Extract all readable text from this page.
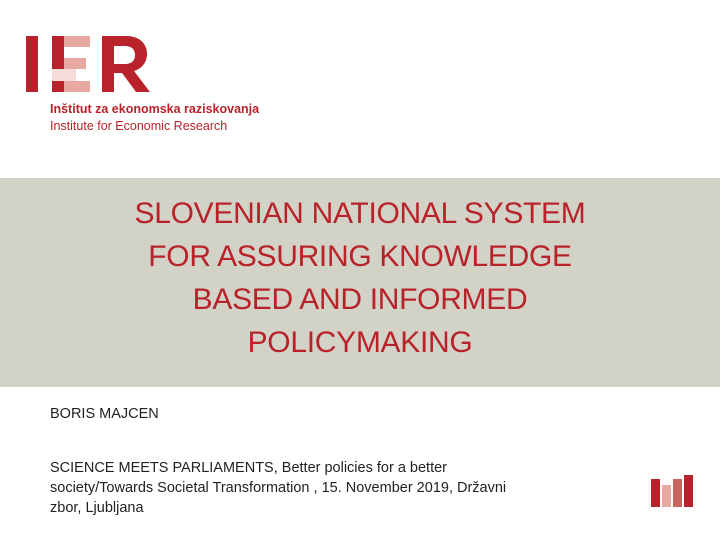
Inštitut za ekonomska raziskovanja
Institute for Economic Research
SLOVENIAN NATIONAL SYSTEM
FOR ASSURING KNOWLEDGE
BASED AND INFORMED
POLICYMAKING
BORIS MAJCEN
SCIENCE MEETS PARLIAMENTS, Better policies for a better
society/Towards Societal Transformation , 15. November 2019, Državni
zbor, Ljubljana
